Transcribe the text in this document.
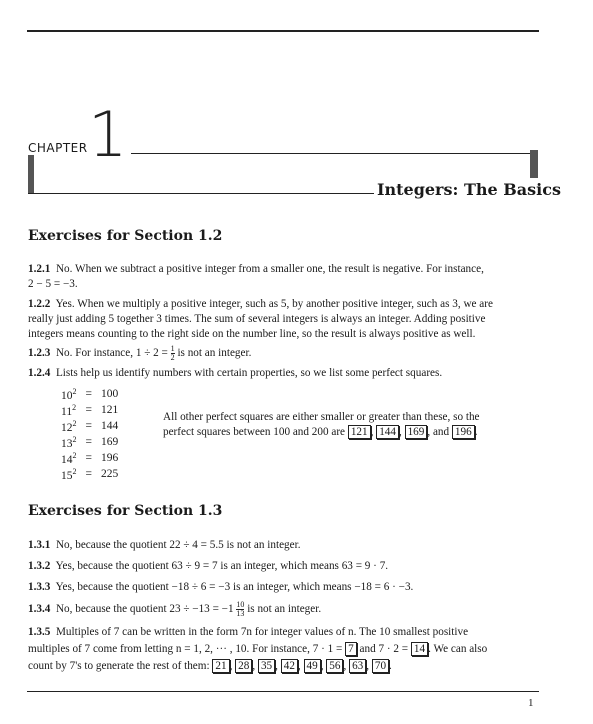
CHAPTER 1
Integers: The Basics
Exercises for Section 1.2
1.2.1 No. When we subtract a positive integer from a smaller one, the result is negative. For instance,
2 − 5 = −3.
1.2.2 Yes. When we multiply a positive integer, such as 5, by another positive integer, such as 3, we are
really just adding 5 together 3 times. The sum of several integers is always an integer. Adding positive
integers means counting to the right side on the number line, so the result is always positive as well.
1.2.3 No. For instance, $1 \div 2 = \frac{1}{2}$ is not an integer.
1.2.4 Lists help us identify numbers with certain properties, so we list some perfect squares.
$10^2$	=	100
$11^2$	=	121
$12^2$	=	144
$13^2$	=	169
$14^2$	=	196
$15^2$	=	225
All other perfect squares are either smaller or greater than these, so the
perfect squares between 100 and 200 are 121 , 144 , 169 , and 196 .
Exercises for Section 1.3
1.3.1 No, because the quotient 22 ÷ 4 = 5.5 is not an integer.
1.3.2 Yes, because the quotient 63 ÷ 9 = 7 is an integer, which means 63 = 9 · 7.
1.3.3 Yes, because the quotient −18 ÷ 6 = −3 is an integer, which means −18 = 6 · −3.
1.3.4 No, because the quotient $23 \div -13 = -1 \frac{10}{13}$ is not an integer.
1.3.5 Multiples of 7 can be written in the form 7n for integer values of n. The 10 smallest positive
multiples of 7 come from letting n = 1, 2, ··· , 10. For instance, 7 · 1 = 7 and 7 · 2 = 14 . We can also
count by 7's to generate the rest of them: 21 , 28 , 35 , 42 , 49 , 56 , 63 , 70 .
1
